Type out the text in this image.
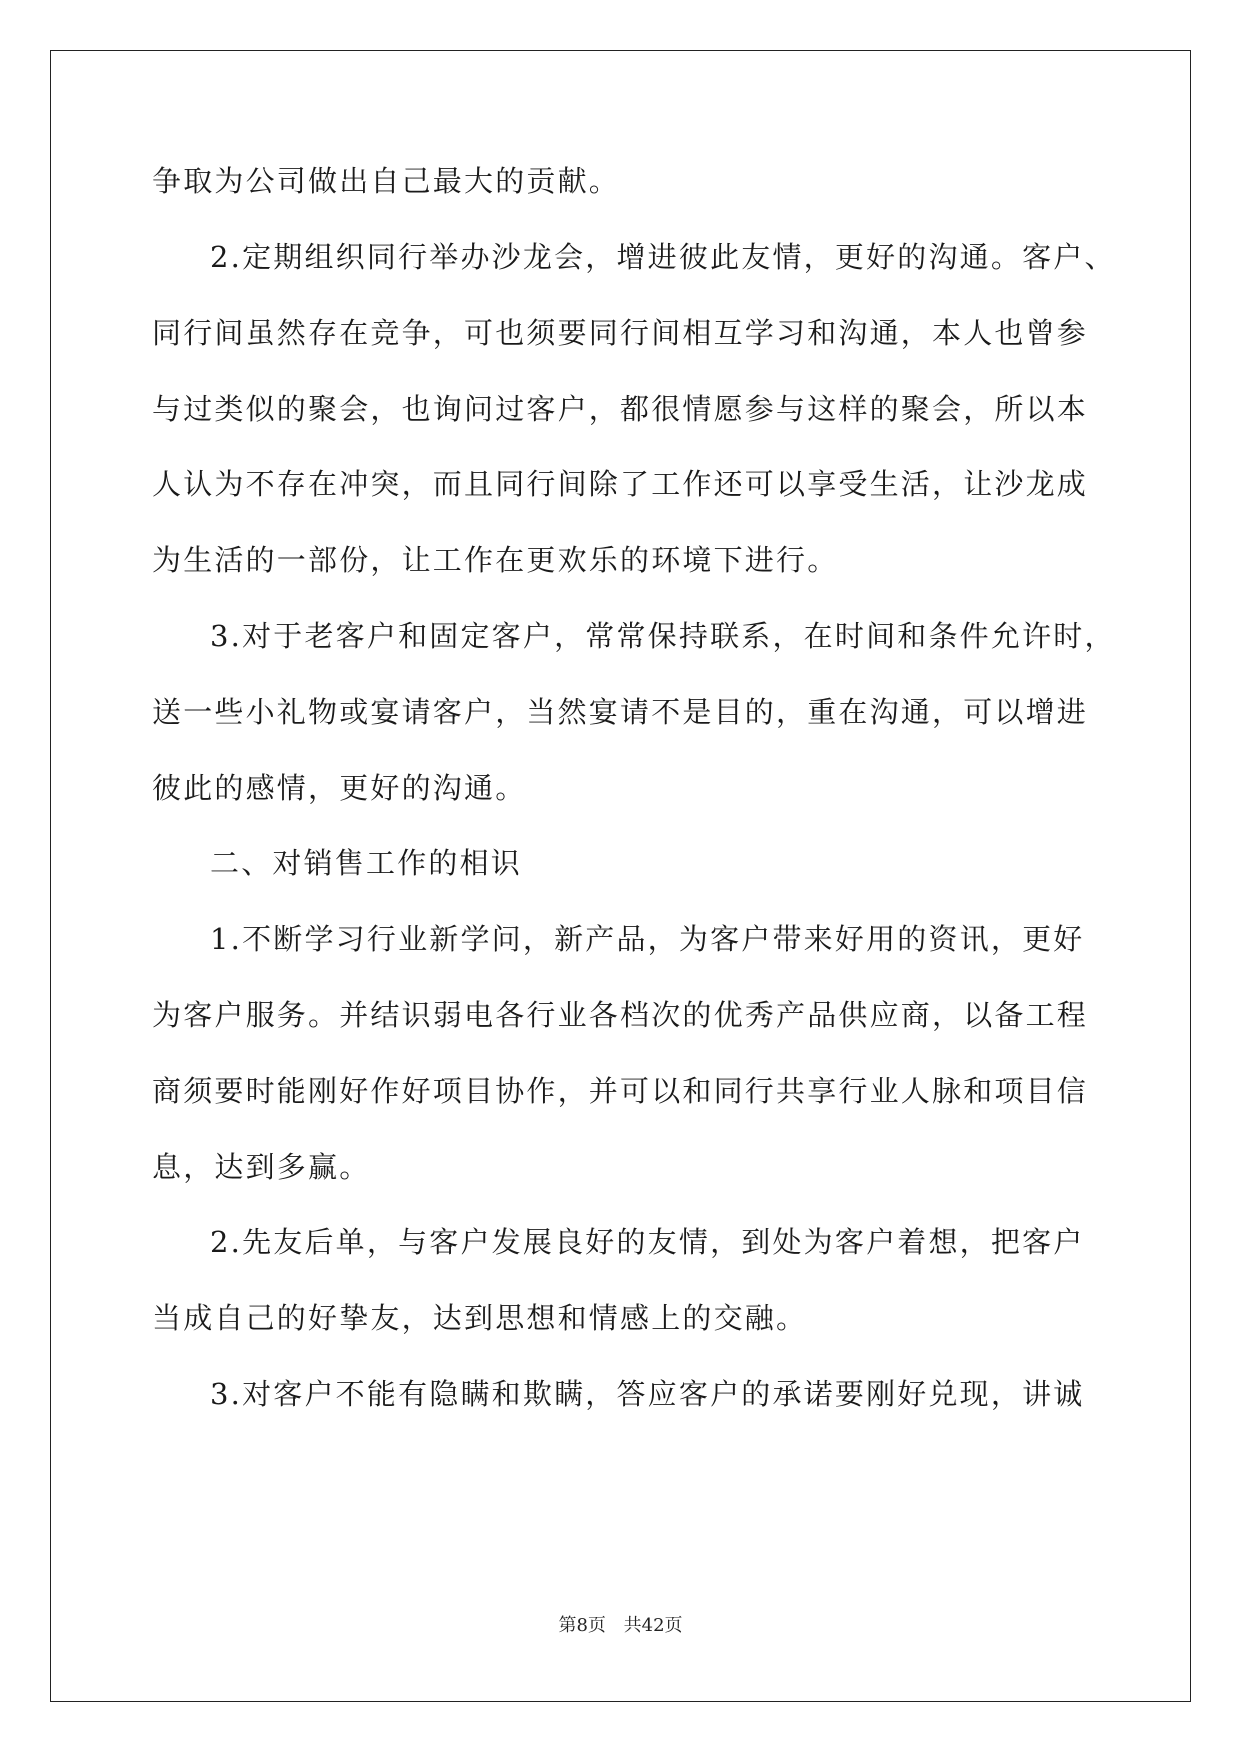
争取为公司做出自己最大的贡献。
2.定期组织同行举办沙龙会，增进彼此友情，更好的沟通。客户、
同行间虽然存在竞争，可也须要同行间相互学习和沟通，本人也曾参
与过类似的聚会，也询问过客户，都很情愿参与这样的聚会，所以本
人认为不存在冲突，而且同行间除了工作还可以享受生活，让沙龙成
为生活的一部份，让工作在更欢乐的环境下进行。
3.对于老客户和固定客户，常常保持联系，在时间和条件允许时，
送一些小礼物或宴请客户，当然宴请不是目的，重在沟通，可以增进
彼此的感情，更好的沟通。
二、对销售工作的相识
1.不断学习行业新学问，新产品，为客户带来好用的资讯，更好
为客户服务。并结识弱电各行业各档次的优秀产品供应商，以备工程
商须要时能刚好作好项目协作，并可以和同行共享行业人脉和项目信
息，达到多赢。
2.先友后单，与客户发展良好的友情，到处为客户着想，把客户
当成自己的好挚友，达到思想和情感上的交融。
3.对客户不能有隐瞒和欺瞒，答应客户的承诺要刚好兑现，讲诚
第8页 共42页
